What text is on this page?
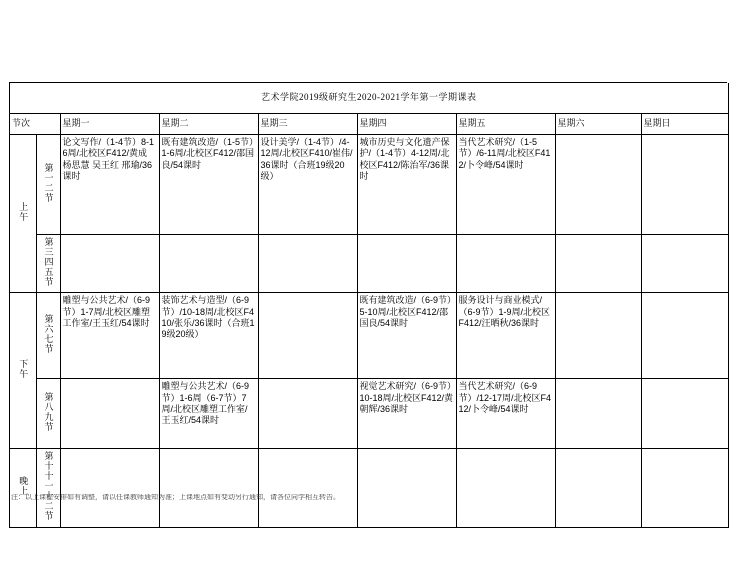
艺术学院2019级研究生2020-2021学年第一学期课表								
节次		星期一	星期二	星期三	星期四	星期五	星期六	星期日
上午	第一二节	论文写作/（1-4节）8-16周/北校区F412/黄成 杨思慧 吴王红 邢瑜/36课时	既有建筑改造/（1-5节）1-6周/北校区F412/邵国良/54课时	设计美学/（1-4节）/4-12周/北校区F410/崔伟/36课时（合班19级20级）	城市历史与文化遗产保护/（1-4节）4-12周/北校区F412/陈治军/36课时	当代艺术研究/（1-5节）/6-11周/北校区F412/卜令峰/54课时		
	第三四五节							
下午	第六七节	雕塑与公共艺术/（6-9节）1-7周/北校区雕塑工作室/王玉红/54课时	装饰艺术与造型/（6-9节）/10-18周/北校区F410/张乐/36课时（合班19级20级）		既有建筑改造/（6-9节）5-10周/北校区F412/邵国良/54课时	服务设计与商业模式/（6-9节）1-9周/北校区F412/汪晒秋/36课时		
	第八九节		雕塑与公共艺术/（6-9节）1-6周（6-7节）7周/北校区雕塑工作室/王玉红/54课时		视觉艺术研究/（6-9节）10-18周/北校区F412/黄朝辉/36课时	当代艺术研究/（6-9节）/12-17周/北校区F412/卜令峰/54课时		
晚上	第十十一十二节							
注：以上课程安排如有调整，请以任课教师通知为准；上课地点如有变动另行通知，请各位同学相互转告。
